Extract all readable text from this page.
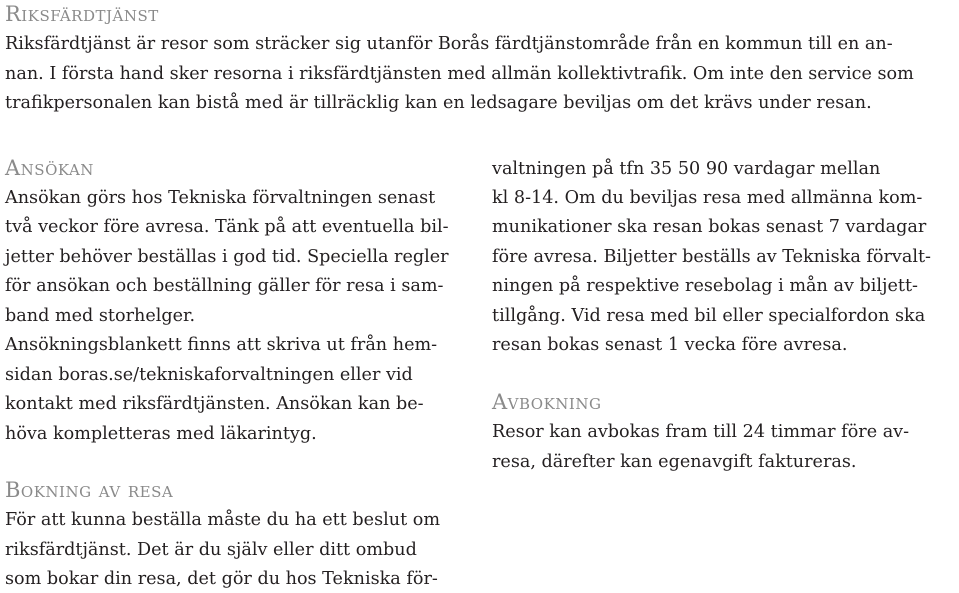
Riksfärdtjänst

Riksfärdtjänst är resor som sträcker sig utanför Borås färdtjänstområde från en kommun till en an-

nan. I första hand sker resorna i riksfärdtjänsten med allmän kollektivtrafik. Om inte den service som

trafikpersonalen kan bistå med är tillräcklig kan en ledsagare beviljas om det krävs under resan.

Ansökan

Ansökan görs hos Tekniska förvaltningen senast

två veckor före avresa. Tänk på att eventuella bil-

jetter behöver beställas i god tid. Speciella regler

för ansökan och beställning gäller för resa i sam-

band med storhelger.

Ansökningsblankett finns att skriva ut från hem-

sidan boras.se/tekniskaforvaltningen eller vid

kontakt med riksfärdtjänsten. Ansökan kan be-

höva kompletteras med läkarintyg.

Bokning av resa

För att kunna beställa måste du ha ett beslut om

riksfärdtjänst. Det är du själv eller ditt ombud

som bokar din resa, det gör du hos Tekniska för-

valtningen på tfn 35 50 90 vardagar mellan

kl 8-14. Om du beviljas resa med allmänna kom-

munikationer ska resan bokas senast 7 vardagar

före avresa. Biljetter beställs av Tekniska förvalt-

ningen på respektive resebolag i mån av biljett-

tillgång. Vid resa med bil eller specialfordon ska

resan bokas senast 1 vecka före avresa.

Avbokning

Resor kan avbokas fram till 24 timmar före av-

resa, därefter kan egenavgift faktureras.
